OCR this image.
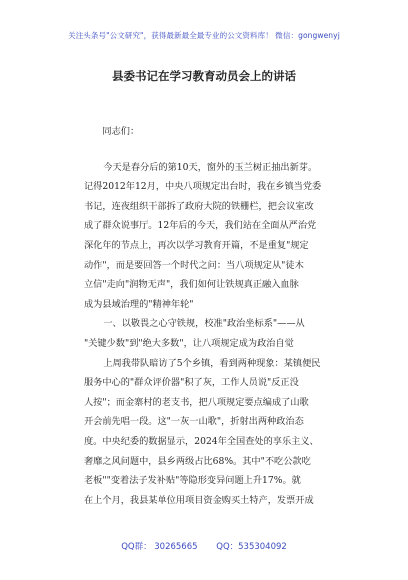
关注头条号"公文研究"，获得最新最全最专业的公文资料库！ 微信：gongwenyj
县委书记在学习教育动员会上的讲话
同志们：
今天是春分后的第10天，窗外的玉兰树正抽出新芽。
记得2012年12月，中央八项规定出台时，我在乡镇当党委
书记，连夜组织干部拆了政府大院的铁栅栏，把会议室改
成了群众说事厅。12年后的今天，我们站在全面从严治党
深化年的节点上，再次以学习教育开篇，不是重复"规定
动作"，而是要回答一个时代之问：当八项规定从"徒木
立信"走向"润物无声"，我们如何让铁规真正融入血脉
成为县域治理的"精神年轮"
一、以敬畏之心守铁规，校准"政治坐标系"——从
"关键少数"到"绝大多数"，让八项规定成为政治自觉
上周我带队暗访了5个乡镇，看到两种现象：某镇便民
服务中心的"群众评价器"积了灰，工作人员说"反正没
人按"；而金寨村的老支书，把八项规定要点编成了山歌
开会前先唱一段。这"一灰一山歌"，折射出两种政治态
度。中央纪委的数据显示，2024年全国查处的享乐主义、
奢靡之风问题中，县乡两级占比68%。其中"不吃公款吃
老板""变着法子发补贴"等隐形变异问题上升17%。就
在上个月，我县某单位用项目资金购买土特产，发票开成
QQ群： 30265665 QQ：535304092
